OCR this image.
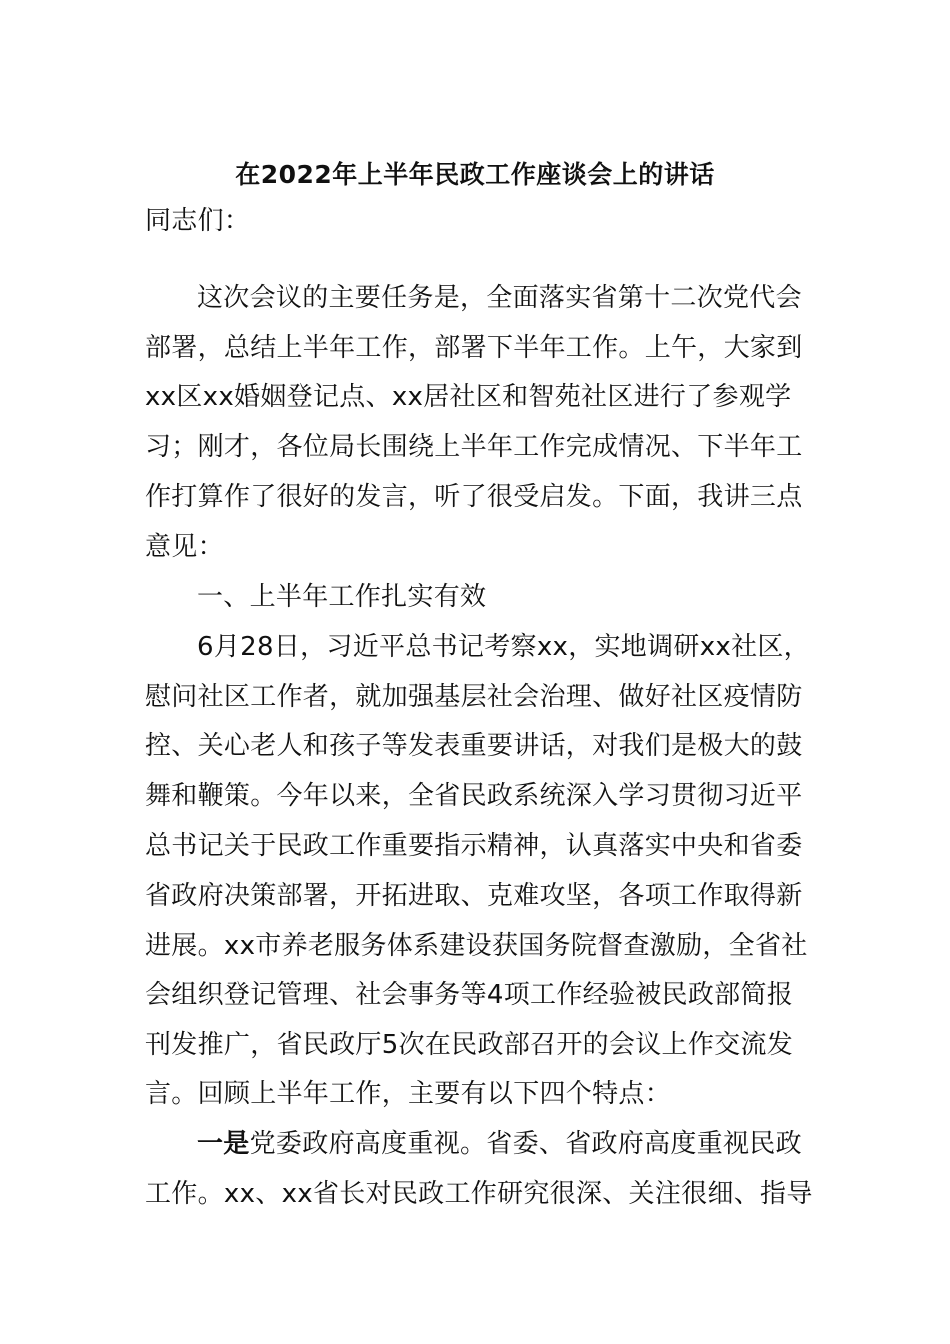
在2022年上半年民政工作座谈会上的讲话
同志们：
这次会议的主要任务是，全面落实省第十二次党代会
部署，总结上半年工作，部署下半年工作。上午，大家到
xx区xx婚姻登记点、xx居社区和智苑社区进行了参观学
习；刚才，各位局长围绕上半年工作完成情况、下半年工
作打算作了很好的发言，听了很受启发。下面，我讲三点
意见：
一、上半年工作扎实有效
6月28日，习近平总书记考察xx，实地调研xx社区，
慰问社区工作者，就加强基层社会治理、做好社区疫情防
控、关心老人和孩子等发表重要讲话，对我们是极大的鼓
舞和鞭策。今年以来，全省民政系统深入学习贯彻习近平
总书记关于民政工作重要指示精神，认真落实中央和省委
省政府决策部署，开拓进取、克难攻坚，各项工作取得新
进展。xx市养老服务体系建设获国务院督查激励，全省社
会组织登记管理、社会事务等4项工作经验被民政部简报
刊发推广，省民政厅5次在民政部召开的会议上作交流发
言。回顾上半年工作，主要有以下四个特点：
一是党委政府高度重视。省委、省政府高度重视民政
工作。xx、xx省长对民政工作研究很深、关注很细、指导
